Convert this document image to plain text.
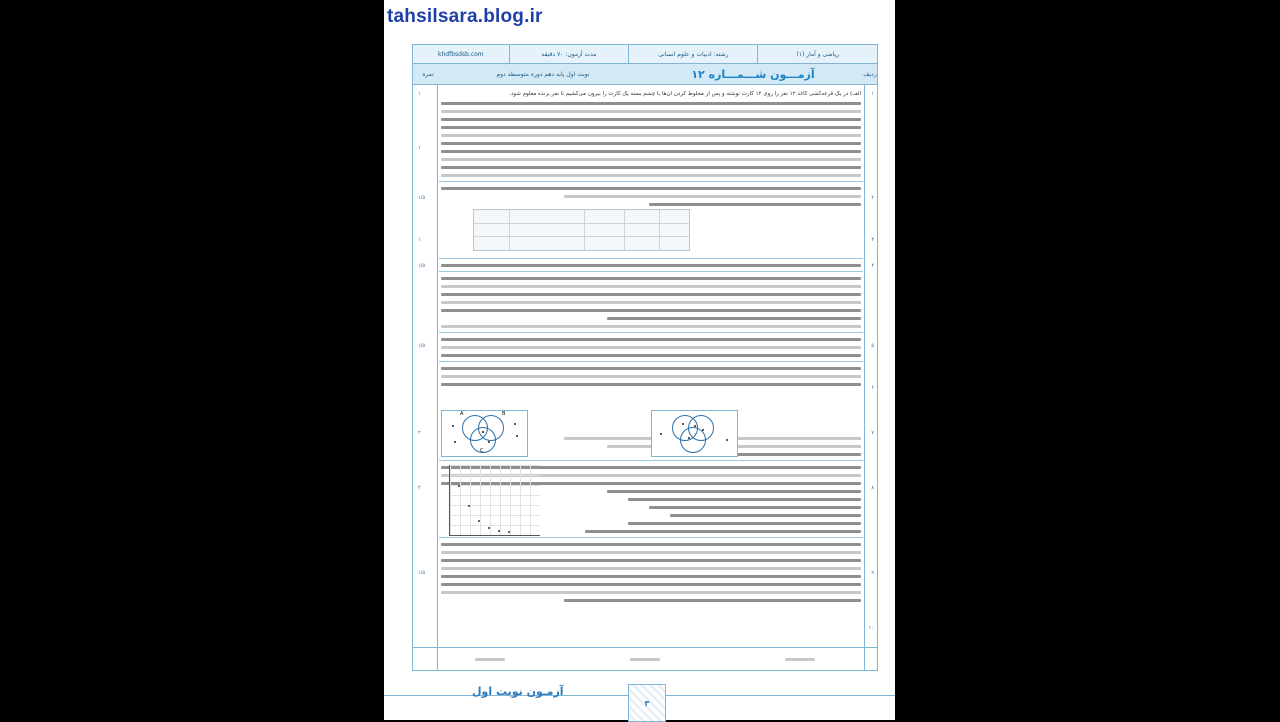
tahsilsara.blog.ir
ریاضی و آمار (۱)
رشته: ادبیات و علوم انسانی
مدت آزمون: ۷۰ دقیقه
khdfbsdsb.com
ردیف
آزمـــون شـــمـــاره ۱۲
نوبت اول پایه دهم دوره متوسطه دوم
نمره
۱
۲
۳
۴
۵
۶
۷
۸
۹
۱۰
۱
۱
۱/۵
۱
۱/۵
۱/۵
۲
۲
۱/۵
الف) در یک قرعه‌کشی کاغذ ۱۲ نفر را روی ۱۲ کارت نوشته و پس از مخلوط کردن آن‌ها با چشم بسته یک کارت را بیرون می‌کشیم تا نفر برنده معلوم شود.
A	B
C
آزمـون نوبت اول
۳
